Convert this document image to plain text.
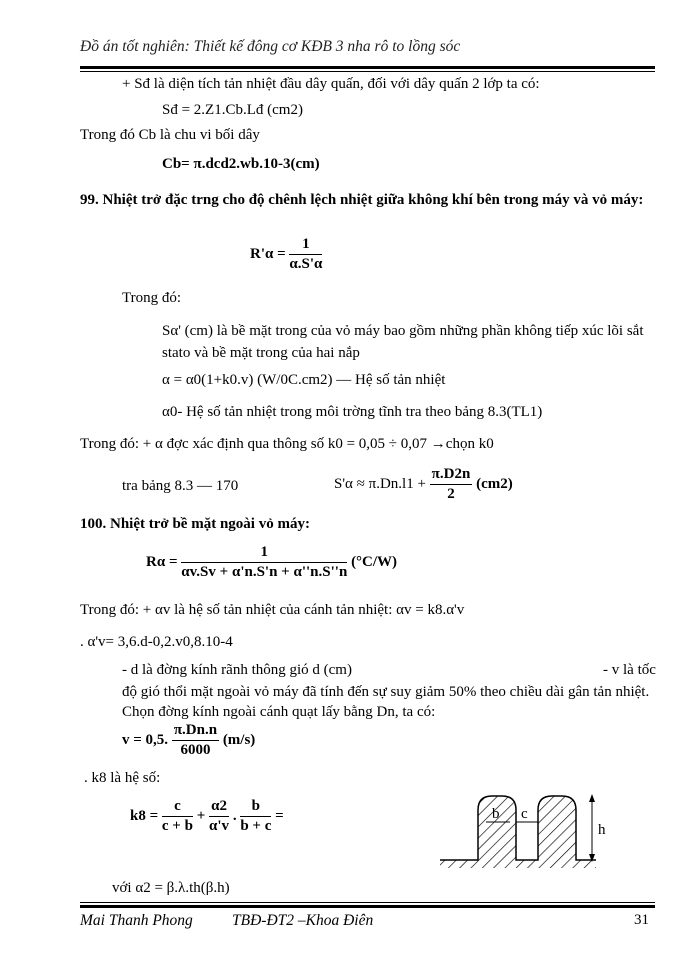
Đồ án tốt nghiên: Thiết kế đông cơ KĐB 3 nha rô to lồng sóc
+ Sđ là diện tích tản nhiệt đầu dây quấn, đối với dây quấn 2 lớp ta có:
Sđ = 2.Z1.Cb.Lđ (cm2)
Trong đó Cb là chu vi bối dây
Cb= π.dcd2.wb.10-3(cm)
99. Nhiệt trở đặc trng cho độ chênh lệch nhiệt giữa không khí bên trong máy và vỏ máy:
$R'\alpha = \frac{1}{\alpha.S'\alpha}$
Trong đó:
Sα' (cm) là bề mặt trong của vỏ máy bao gồm những phần không tiếp xúc lõi sắt stato và bề mặt trong của hai nắp
α = α0(1+k0.v) (W/0C.cm2) — Hệ số tản nhiệt
α0- Hệ số tản nhiệt trong môi trờng tĩnh tra theo bảng 8.3(TL1)
Trong đó: + α đợc xác định qua thông số k0 = 0,05 ÷ 0,07 →chọn k0
tra bảng 8.3 — 170	$S'\alpha \approx \pi.Dn.l1 + \frac{\pi.D2n}{2} (cm2)$
100. Nhiệt trở bề mặt ngoài vỏ máy:
$R\alpha = \frac{1}{\alpha v.Sv + \alpha'n.S'n + \alpha''n.S''n} (^\circ C/W)$
Trong đó: + αv là hệ số tản nhiệt của cánh tản nhiệt: αv = k8.α'v
. α'v= 3,6.d-0,2.v0,8.10-4
- d là đờng kính rãnh thông gió d (cm)	- v là tốc
độ gió thổi mặt ngoài vỏ máy đã tính đến sự suy giảm 50% theo chiều dài gân tản nhiệt. Chọn đờng kính ngoài cánh quạt lấy bằng Dn, ta có:
v = 0,5. $\frac{\pi.Dn.n}{6000} (m/s)$
. k8 là hệ số:
$k8 = \frac{c}{c + b} + \frac{\alpha 2}{\alpha'v}$ . $\frac{b}{b + c}$ =	b c
h
với α2 = β.λ.th(β.h)
Mai Thanh Phong	TBĐ-ĐT2 –Khoa Điên	31
